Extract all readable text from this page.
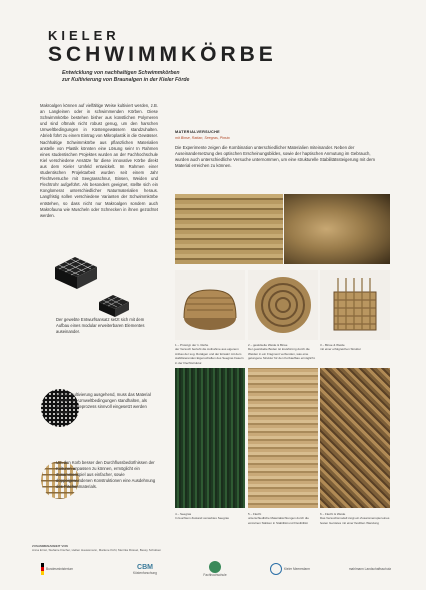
KIELER
SCHWIMMKÖRBE
Entwicklung von nachhaltigen Schwimmkörben
zur Kultivierung von Braunalgen in der Kieler Förde
Makroalgen können auf vielfältige Weise kultiviert werden, z.B. an Langleinen oder in schwimmenden Körben. Diese Schwimmkörbe bestehen bisher aus künstlichen Polymeren und sind oftmals nicht robust genug, um den harschen Umweltbedingungen in Küstengewässern standzuhalten. Abrieb führt zu einem Eintrag von Mikroplastik in die Gewässer. Nachhaltige Schwimmkörbe aus pflanzlichen Materialien anstelle von Plastik könnten eine Lösung sein! In Rahmen eines studentischen Projektes wurden an der Fachhochschule Kiel verschiedene Ansätze für diese innovative Körbe direkt aus dem Kieler Umfeld entwickelt. Im Rahmen einer studentischen Projektarbeit wurden seit einem Jahr Flechtversuche mit Seegrasschnur, Binsen, Weiden und Flechtrohr aufgeführt. Als besonders geeignet, stellte sich ein Konglomerat unterschiedlicher Naturmaterialien heraus. Langfristig sollen verschiedene Varianten der Schwimmkörbe entstehen, so dass nicht nur Makroalgen sondern auch Makrofauna wie Muscheln oder Schnecken in ihnen gezüchtet werden.
MATERIALVERSUCHE
mit Binse, Rattan, Seegras, Pinsto
Die Experimente zeigen die Kombination unterschiedlicher Materialien miteinander. Neben der Auseinandersetzung des optischen Erscheinungsbildes, sowie der haptischen Anmutung im Gebrauch, wurden auch unterschiedliche Versuche unternommen, um eine strukturelle Stabilitätssteigerung mit dem Material erreichen zu können.
1 – Prototyp der 1. Reihe
der Versuch bezieht die Aufnahme aus eigenem Anbau der sog. Rotalgen und der Einsatz mit dem stabilisierenden Eigenschaften des Seegras Fasern in der Flechtstruktur.
2 – gewickelte Weide & Binse
Der gewickelte Boden ist kreisförmig durch die Weiden in ein Fragment verbunden, was eine gelungene Struktur für den Korbaufbau ermöglicht.
3 – Binse & Weide
mit einer erfolgreichen Struktur
4 – Seegras
In feuchtem Zustand verwebtes Seegras
5 – Flecht
unterschiedliche Materialsichtungen durch die einzelnen Stärken in Stabilität und Flexibilität
6 – Flecht & Weide
Das Versuchsmodell zeigt ein Zusammenspiel eines festen Gerüstes mit einer flexiblen Wandung
Der gewebte Entwurfsansatz setzt sich mit dem Aufbau eines modular erweiterbaren Elementes auseinander.
Vor der Kultivierung ausgehend, muss das Material sowohl den Umweltbedingungen standhalten, als auch im Ernteprozess sinnvoll eingesetzt werden können.
Um den Korb besser den Durchflussbedürfnissen der Kulturen anpassen zu können, ermöglicht ein Zusammenspiel aus einfacher, sowie doppelgewundenen Konstruktionen eine Ausdehnung des Flächenmaterials.
ZUSAMMENARBEIT VON
Anna Ernst, Stefanie Fischer, Hellen Haussmann, Marlene Kühl, Merrika Rüssel, Bessy Scholken
Bundesministerium	CBM
Küstenforschung
Fachhochschule
Kieler Meeresfarm	mahlmann Landschaftsschutz
